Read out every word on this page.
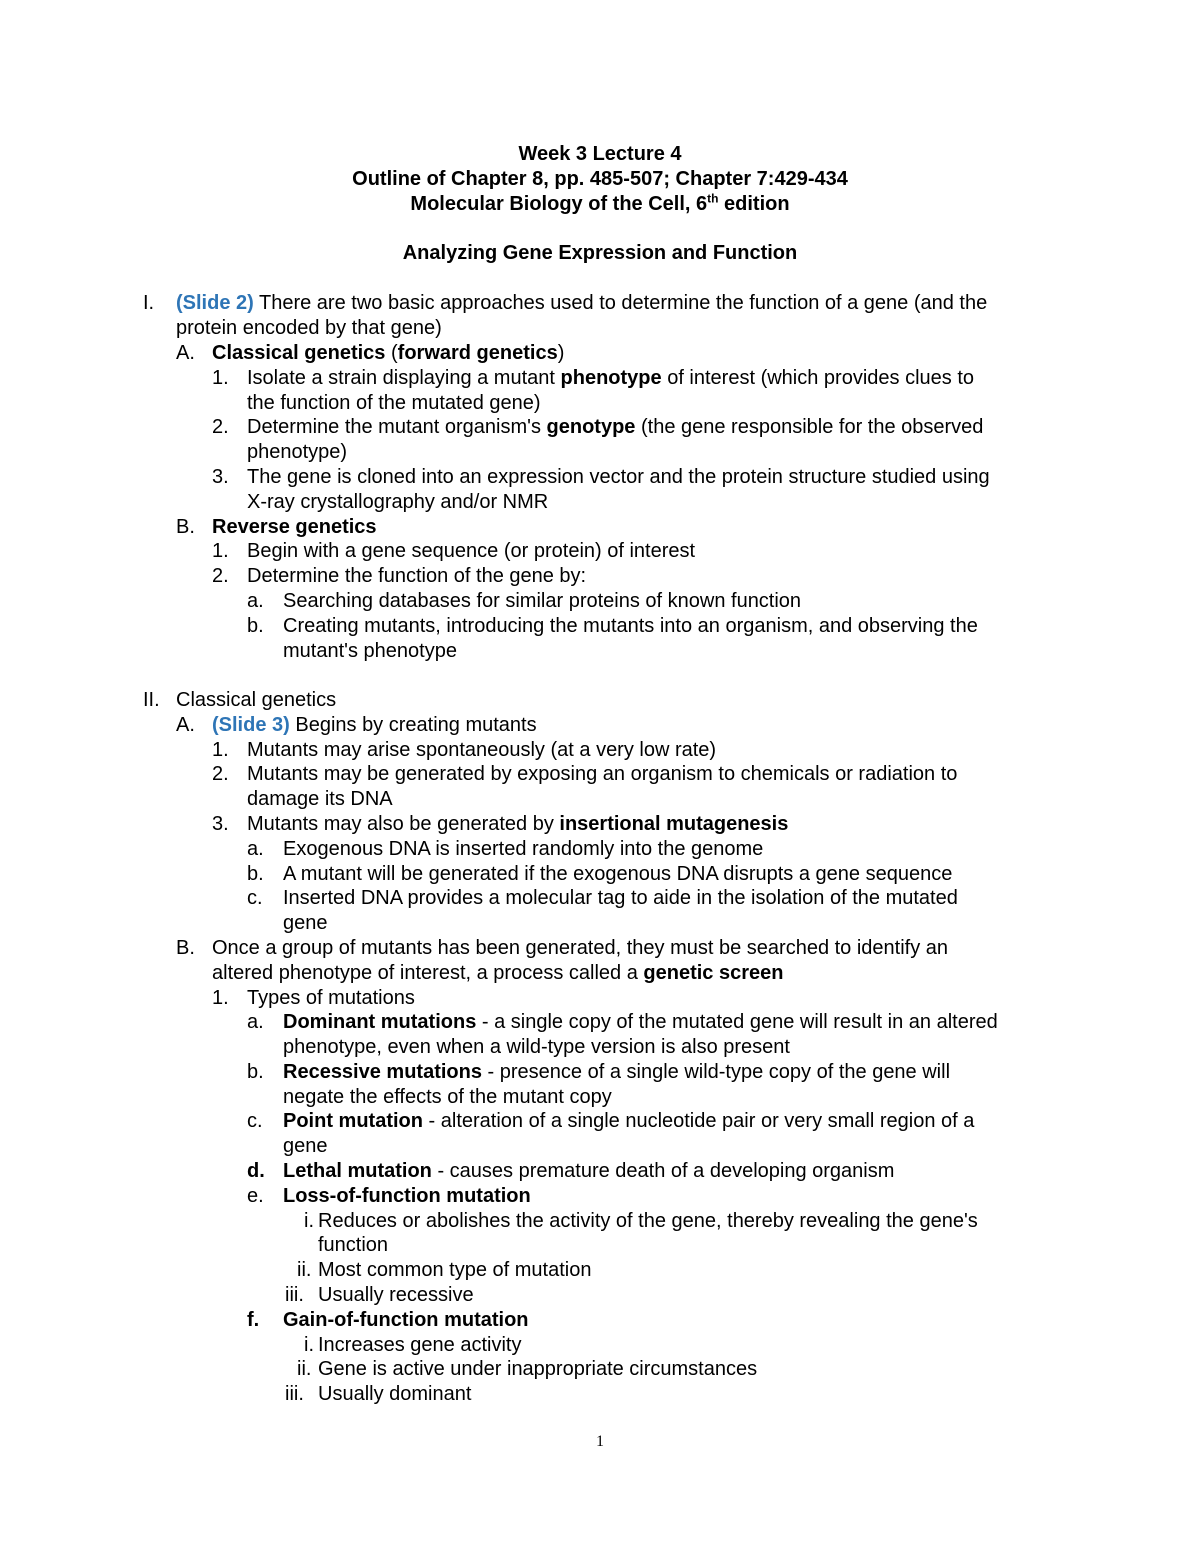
Week 3 Lecture 4
Outline of Chapter 8, pp. 485-507; Chapter 7:429-434
Molecular Biology of the Cell, 6th edition
Analyzing Gene Expression and Function
I. (Slide 2) There are two basic approaches used to determine the function of a gene (and the
protein encoded by that gene)
A. Classical genetics (forward genetics)
1. Isolate a strain displaying a mutant phenotype of interest (which provides clues to
the function of the mutated gene)
2. Determine the mutant organism's genotype (the gene responsible for the observed
phenotype)
3. The gene is cloned into an expression vector and the protein structure studied using
X-ray crystallography and/or NMR
B. Reverse genetics
1. Begin with a gene sequence (or protein) of interest
2. Determine the function of the gene by:
a. Searching databases for similar proteins of known function
b. Creating mutants, introducing the mutants into an organism, and observing the
mutant's phenotype
II. Classical genetics
A. (Slide 3) Begins by creating mutants
1. Mutants may arise spontaneously (at a very low rate)
2. Mutants may be generated by exposing an organism to chemicals or radiation to
damage its DNA
3. Mutants may also be generated by insertional mutagenesis
a. Exogenous DNA is inserted randomly into the genome
b. A mutant will be generated if the exogenous DNA disrupts a gene sequence
c. Inserted DNA provides a molecular tag to aide in the isolation of the mutated
gene
B. Once a group of mutants has been generated, they must be searched to identify an
altered phenotype of interest, a process called a genetic screen
1. Types of mutations
a. Dominant mutations - a single copy of the mutated gene will result in an altered
phenotype, even when a wild-type version is also present
b. Recessive mutations - presence of a single wild-type copy of the gene will
negate the effects of the mutant copy
c. Point mutation - alteration of a single nucleotide pair or very small region of a
gene
d. Lethal mutation - causes premature death of a developing organism
e. Loss-of-function mutation
i. Reduces or abolishes the activity of the gene, thereby revealing the gene's
function
ii. Most common type of mutation
iii. Usually recessive
f. Gain-of-function mutation
i. Increases gene activity
ii. Gene is active under inappropriate circumstances
iii. Usually dominant
1
